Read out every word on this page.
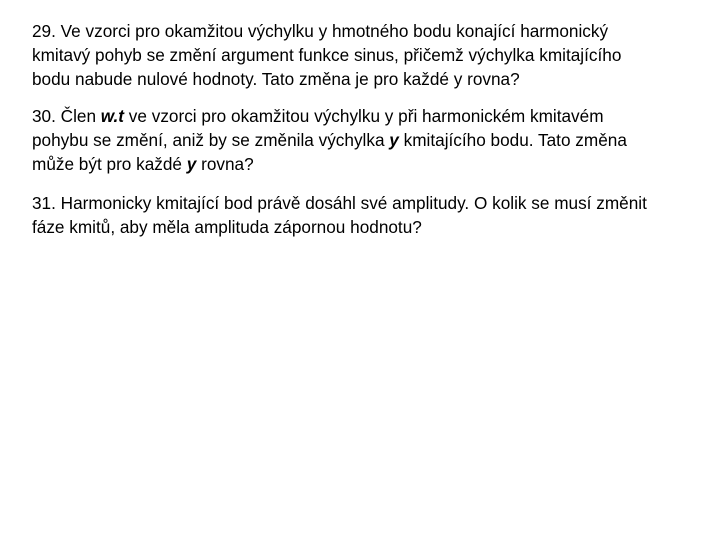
29. Ve vzorci pro okamžitou výchylku y hmotného bodu konající harmonický
kmitavý pohyb se změní argument funkce sinus, přičemž výchylka kmitajícího
bodu nabude nulové hodnoty. Tato změna je pro každé y rovna?

30. Člen w.t ve vzorci pro okamžitou výchylku y při harmonickém kmitavém
pohybu se změní, aniž by se změnila výchylka y kmitajícího bodu. Tato změna
může být pro každé y rovna?

31. Harmonicky kmitající bod právě dosáhl své amplitudy. O kolik se musí změnit
fáze kmitů, aby měla amplituda zápornou hodnotu?
